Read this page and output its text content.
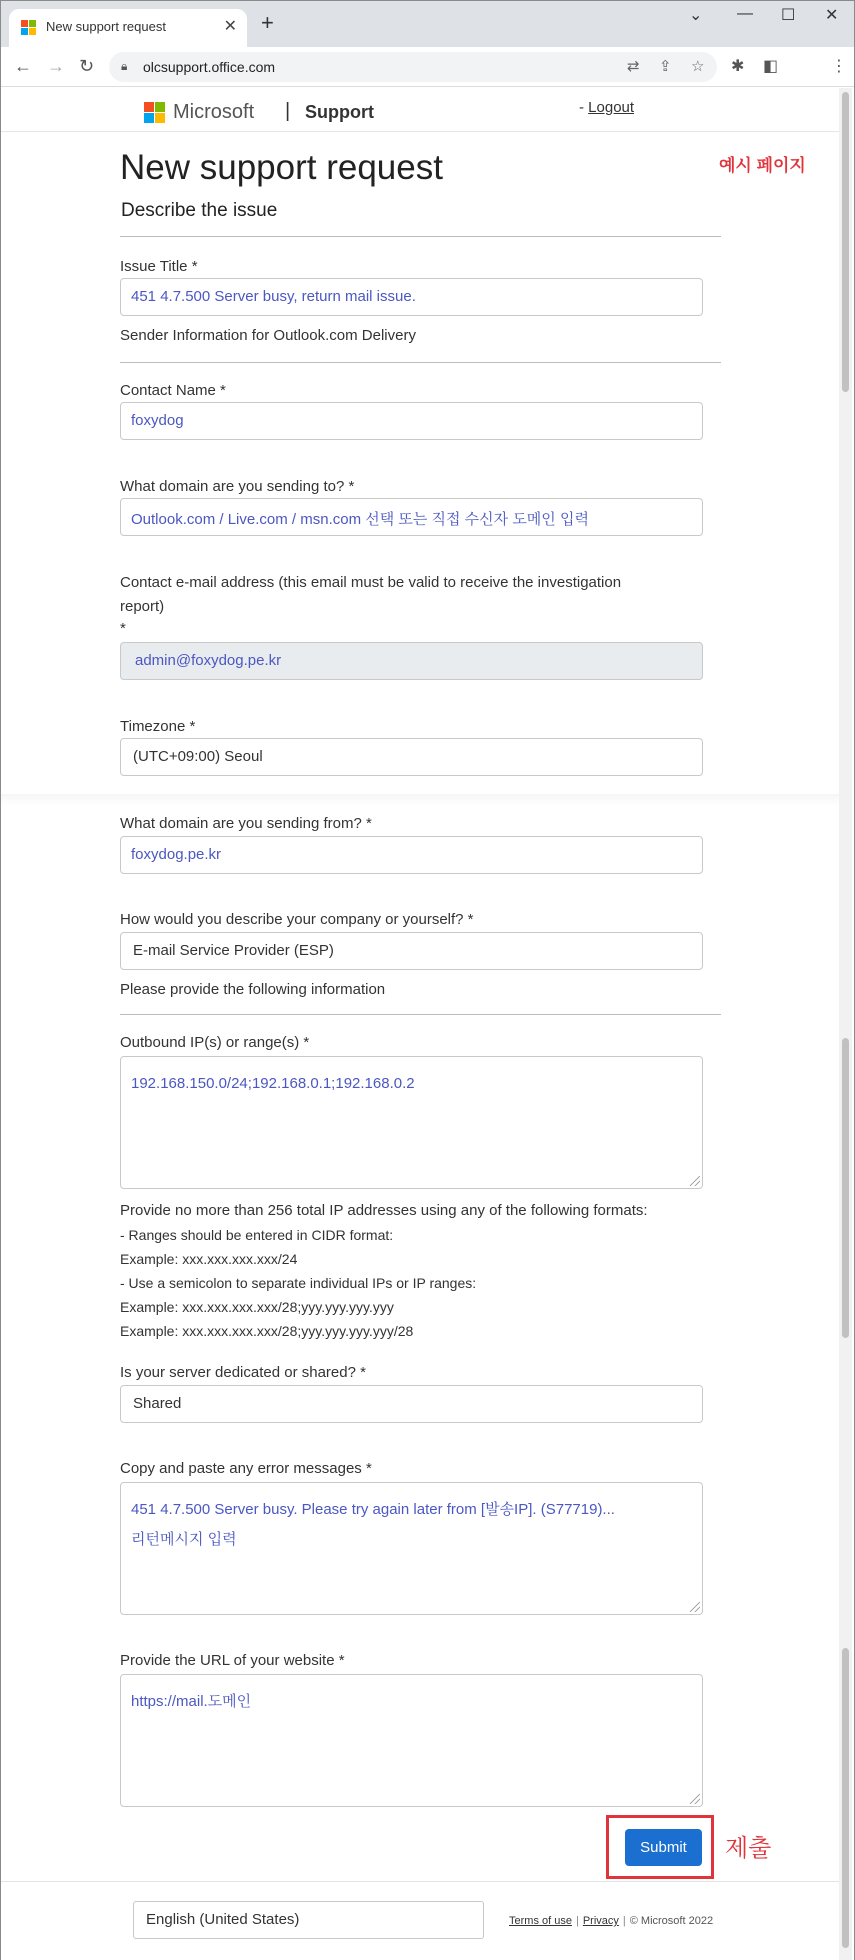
New support request	✕ +	⌄ — ☐ ✕
← → ↻ 🔒︎ olcsupport.office.com	⇄ ⇪ ☆ ✱ ◧	⋮
Microsoft | Support	- Logout
예시 페이지
New support request
Describe the issue
Issue Title *
451 4.7.500 Server busy, return mail issue.
Sender Information for Outlook.com Delivery
Contact Name *
foxydog
What domain are you sending to? *
Outlook.com / Live.com / msn.com 선택 또는 직접 수신자 도메인 입력
Contact e-mail address (this email must be valid to receive the investigation
report)
*
admin@foxydog.pe.kr
Timezone *
(UTC+09:00) Seoul
What domain are you sending from? *
foxydog.pe.kr
How would you describe your company or yourself? *
E-mail Service Provider (ESP)
Please provide the following information
Outbound IP(s) or range(s) *
192.168.150.0/24;192.168.0.1;192.168.0.2
Provide no more than 256 total IP addresses using any of the following formats:
- Ranges should be entered in CIDR format:
Example: xxx.xxx.xxx.xxx/24
- Use a semicolon to separate individual IPs or IP ranges:
Example: xxx.xxx.xxx.xxx/28;yyy.yyy.yyy.yyy
Example: xxx.xxx.xxx.xxx/28;yyy.yyy.yyy.yyy/28
Is your server dedicated or shared? *
Shared
Copy and paste any error messages *
451 4.7.500 Server busy. Please try again later from [발송IP]. (S77719)...
리턴메시지 입력
Provide the URL of your website *
https://mail.도메인
Submit	제출
English (United States)	Terms of use | Privacy | © Microsoft 2022
